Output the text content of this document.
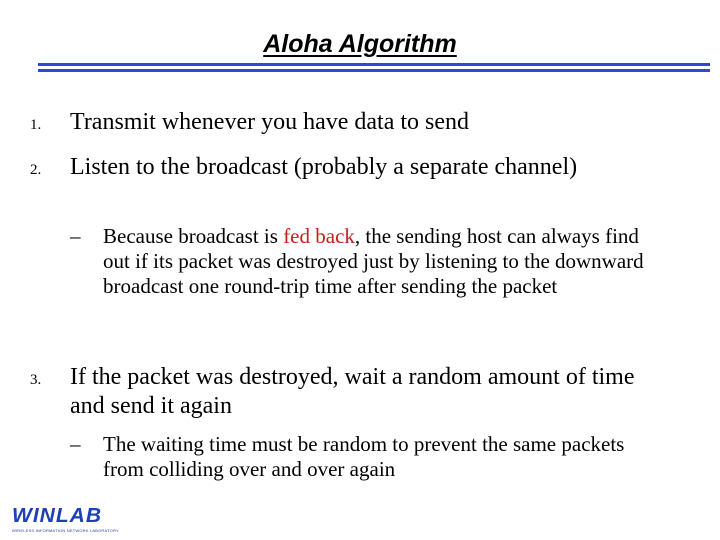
Aloha Algorithm
1. Transmit whenever you have data to send
2. Listen to the broadcast (probably a separate channel)
– Because broadcast is fed back, the sending host can always find out if its packet was destroyed just by listening to the downward broadcast one round-trip time after sending the packet
3. If the packet was destroyed, wait a random amount of time and send it again
– The waiting time must be random to prevent the same packets from colliding over and over again
WINLAB
WIRELESS INFORMATION NETWORK LABORATORY
